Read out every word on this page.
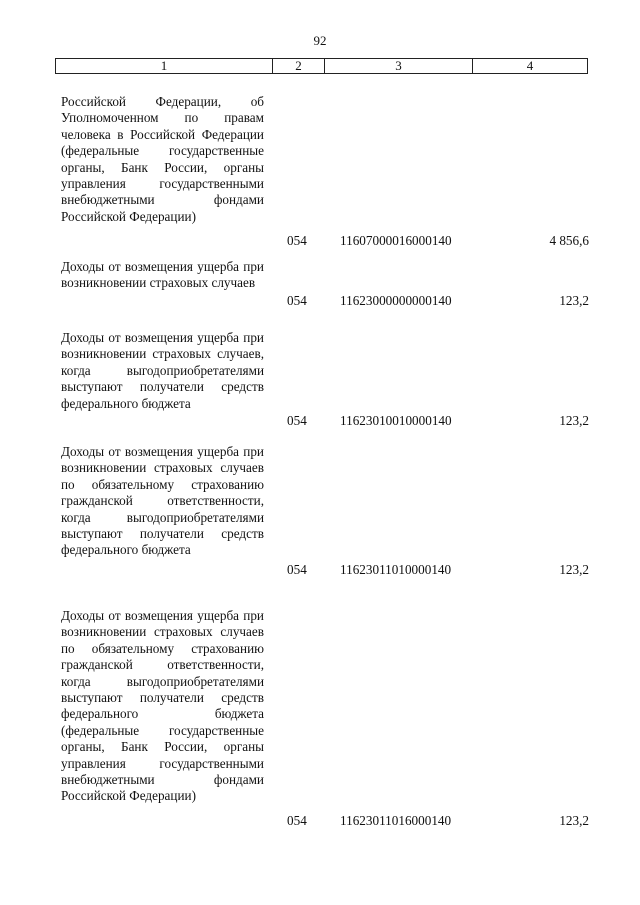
92
1	2	3	4
Российской Федерации, об Уполномоченном по правам человека в Российской Федерации (федеральные государственные органы, Банк России, органы управления государственными внебюджетными фондами Российской Федерации)
054	11607000016000140	4 856,6
Доходы от возмещения ущерба при возникновении страховых случаев
054	11623000000000140	123,2
Доходы от возмещения ущерба при возникновении страховых случаев, когда выгодоприобретателями выступают получатели средств федерального бюджета
054	11623010010000140	123,2
Доходы от возмещения ущерба при возникновении страховых случаев по обязательному страхованию гражданской ответственности, когда выгодоприобретателями выступают получатели средств федерального бюджета
054	11623011010000140	123,2
Доходы от возмещения ущерба при возникновении страховых случаев по обязательному страхованию гражданской ответственности, когда выгодоприобретателями выступают получатели средств федерального бюджета (федеральные государственные органы, Банк России, органы управления государственными внебюджетными фондами Российской Федерации)
054	11623011016000140	123,2
